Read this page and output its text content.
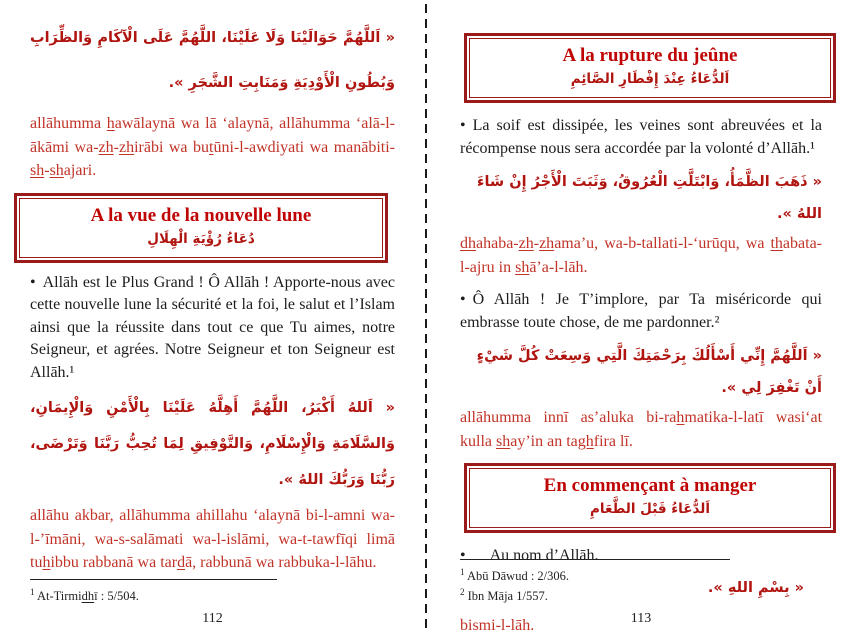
« اَللَّهُمَّ حَوَالَيْنَا وَلَا عَلَيْنَا، اللَّهُمَّ عَلَى الْآكَامِ وَالظِّرَابِ وَبُطُونِ الْأَوْدِيَةِ وَمَنَابِتِ الشَّجَرِ ».

allāhumma hawālaynā wa lā ‘alaynā, allāhumma ‘alā-l-ākāmi wa-zh-zhirābi wa butūni-l-awdiyati wa manābiti-sh-shajari.

A la vue de la nouvelle lune
دُعَاءُ رُؤْيَةِ الْهِلَالِ

• Allāh est le Plus Grand ! Ô Allāh ! Apporte-nous avec cette nouvelle lune la sécurité et la foi, le salut et l’Islam ainsi que la réussite dans tout ce que Tu aimes, notre Seigneur, et agrées. Notre Seigneur et ton Seigneur est Allāh.¹

« اَللهُ أَكْبَرُ، اللَّهُمَّ أَهِلَّهُ عَلَيْنَا بِالْأَمْنِ وَالْإِيمَانِ، وَالسَّلَامَةِ وَالْإِسْلَامِ، وَالتَّوْفِيقِ لِمَا تُحِبُّ رَبَّنَا وَتَرْضَى، رَبُّنَا وَرَبُّكَ اللهُ ».

allāhu akbar, allāhumma ahillahu ‘alaynā bi-l-amni wa-l-’īmāni, wa-s-salāmati wa-l-islāmi, wa-t-tawfīqi limā tuhibbu rabbanā wa tardā, rabbunā wa rabbuka-l-lāhu.

$^1$ At-Tirmidhī : 5/504.
112
A la rupture du jeûne
اَلدُّعَاءُ عِنْدَ إِفْطَارِ الصَّائِمِ

• La soif est dissipée, les veines sont abreuvées et la récompense nous sera accordée par la volonté d’Allāh.¹

« ذَهَبَ الظَّمَأُ، وَابْتَلَّتِ الْعُرُوقُ، وَثَبَتَ الْأَجْرُ إِنْ شَاءَ اللهُ ».

dhahaba-zh-zhama’u, wa-b-tallati-l-‘urūqu, wa thabata-l-ajru in shā’a-l-lāh.

• Ô Allāh ! Je T’implore, par Ta miséricorde qui embrasse toute chose, de me pardonner.²

« اَللَّهُمَّ إِنِّي أَسْأَلُكَ بِرَحْمَتِكَ الَّتِي وَسِعَتْ كُلَّ شَيْءٍ أَنْ تَغْفِرَ لِي ».

allāhumma innī as’aluka bi-rahmatika-l-latī wasi‘at kulla shay’in an taghfira lī.

En commençant à manger
اَلدُّعَاءُ قَبْلَ الطَّعَامِ

• Au nom d’Allāh.

« بِسْمِ اللهِ ».

bismi-l-lāh.

$^1$ Abū Dāwud : 2/306.
$^2$ Ibn Māja 1/557.
113
